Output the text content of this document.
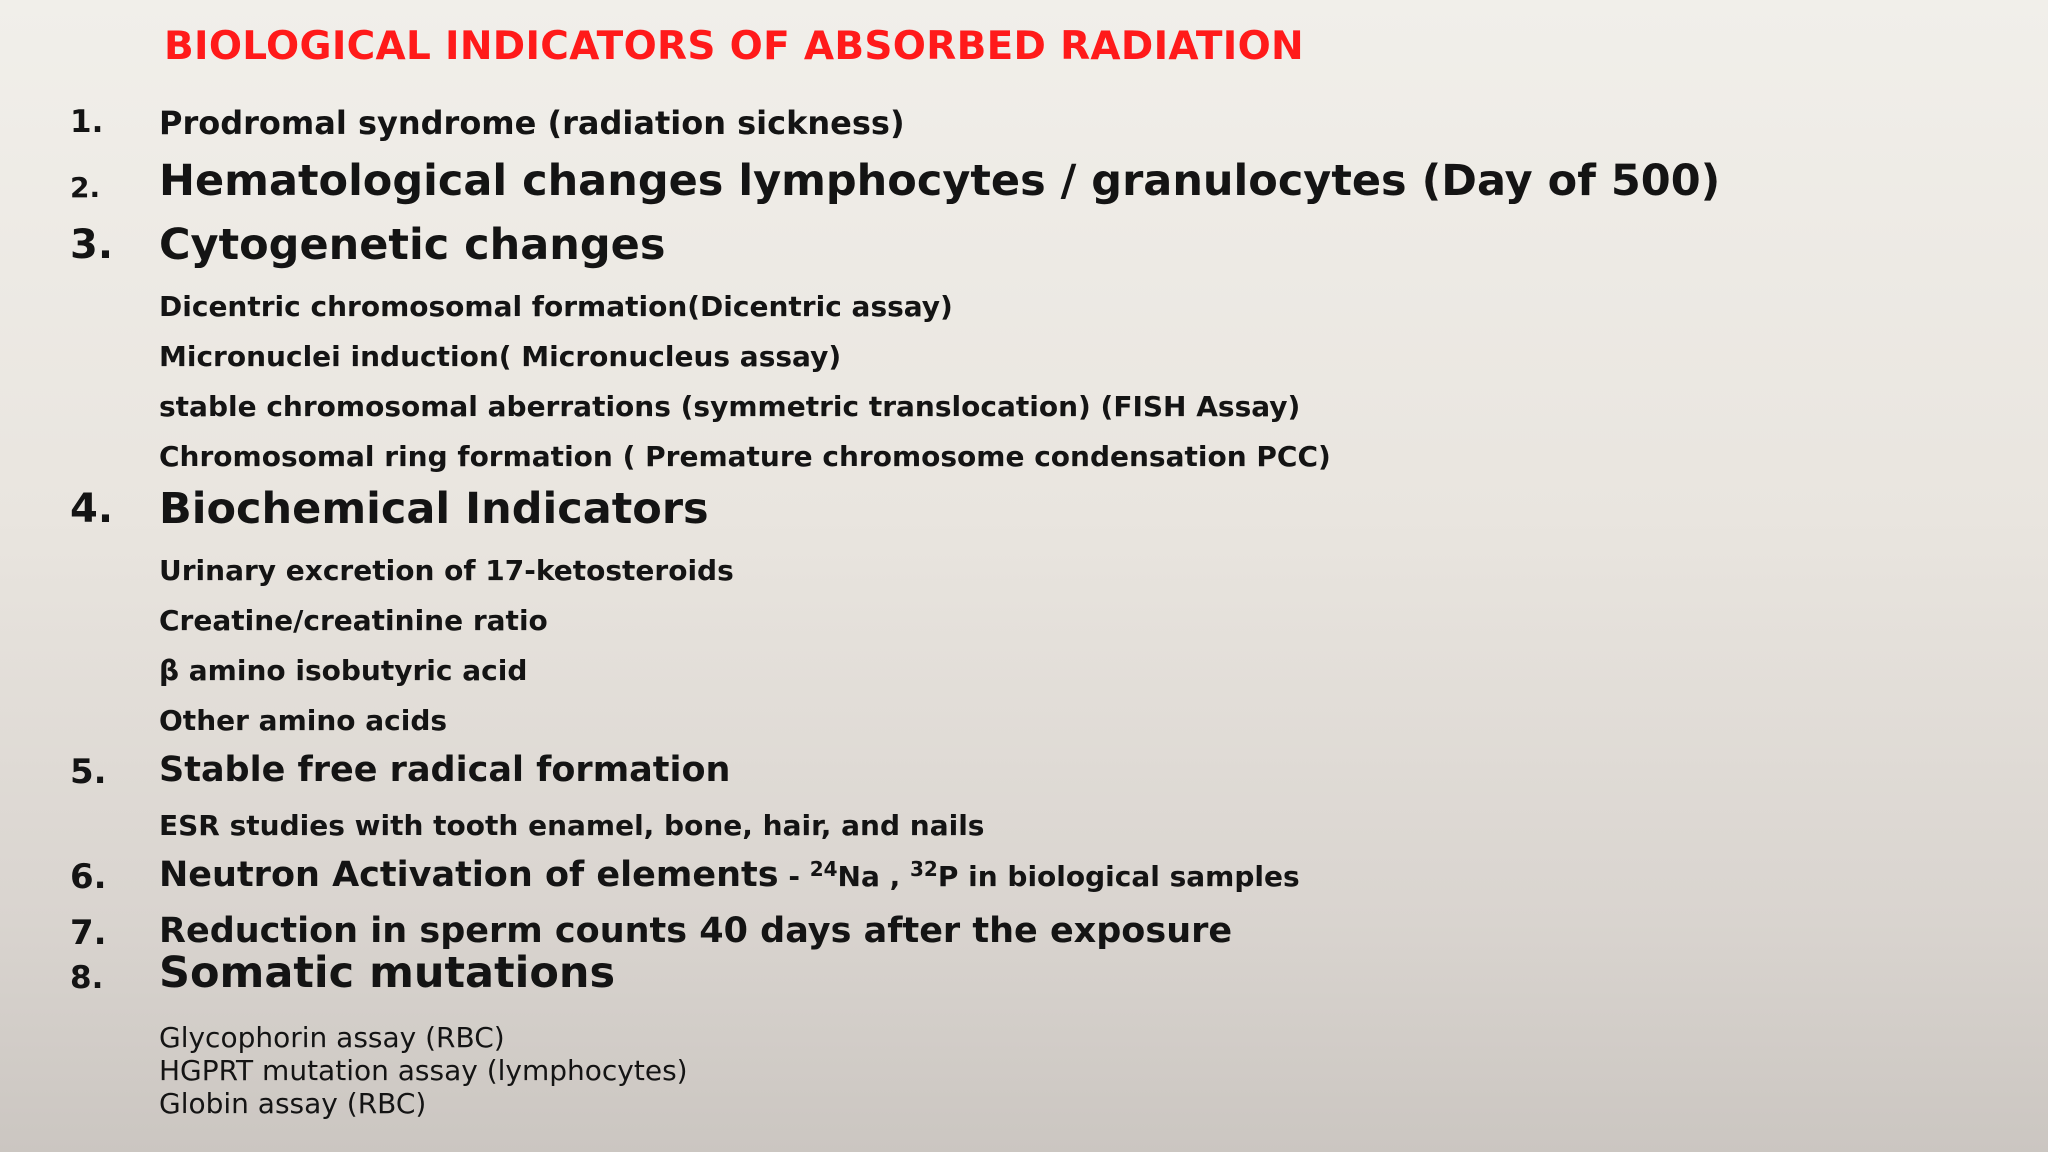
BIOLOGICAL INDICATORS OF ABSORBED RADIATION
1. Prodromal syndrome (radiation sickness)
2. Hematological changes lymphocytes / granulocytes (Day of 500)
3. Cytogenetic changes
Dicentric chromosomal formation(Dicentric assay)
Micronuclei induction( Micronucleus assay)
stable chromosomal aberrations (symmetric translocation) (FISH Assay)
Chromosomal ring formation ( Premature chromosome condensation PCC)
4. Biochemical Indicators
Urinary excretion of 17-ketosteroids
Creatine/creatinine ratio
β amino isobutyric acid
Other amino acids
5. Stable free radical formation
ESR studies with tooth enamel, bone, hair, and nails
6. Neutron Activation of elements - $^{24}$Na , $^{32}$P in biological samples
7. Reduction in sperm counts 40 days after the exposure
8. Somatic mutations
Glycophorin assay (RBC)
HGPRT mutation assay (lymphocytes)
Globin assay (RBC)
